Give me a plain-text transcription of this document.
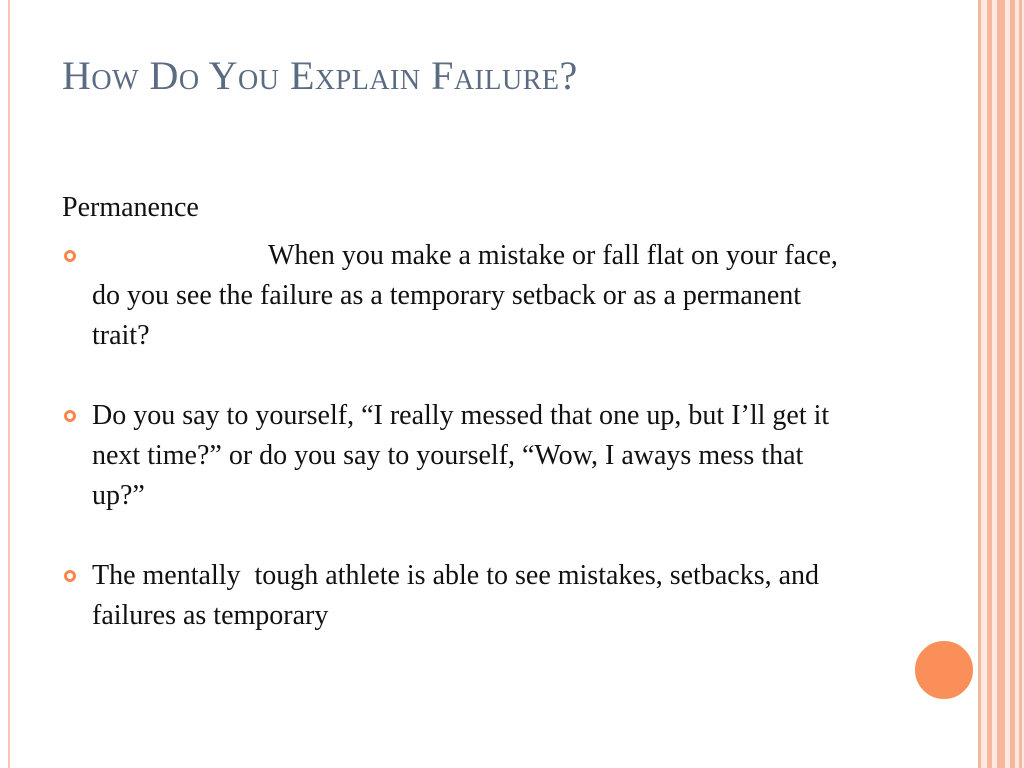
How Do You Explain Failure?

Permanence

When you make a mistake or fall flat on your face, do you see the failure as a temporary setback or as a permanent trait?
Do you say to yourself, “I really messed that one up, but I’ll get it next time?” or do you say to yourself, “Wow, I aways mess that up?”
The mentally  tough athlete is able to see mistakes, setbacks, and failures as temporary
